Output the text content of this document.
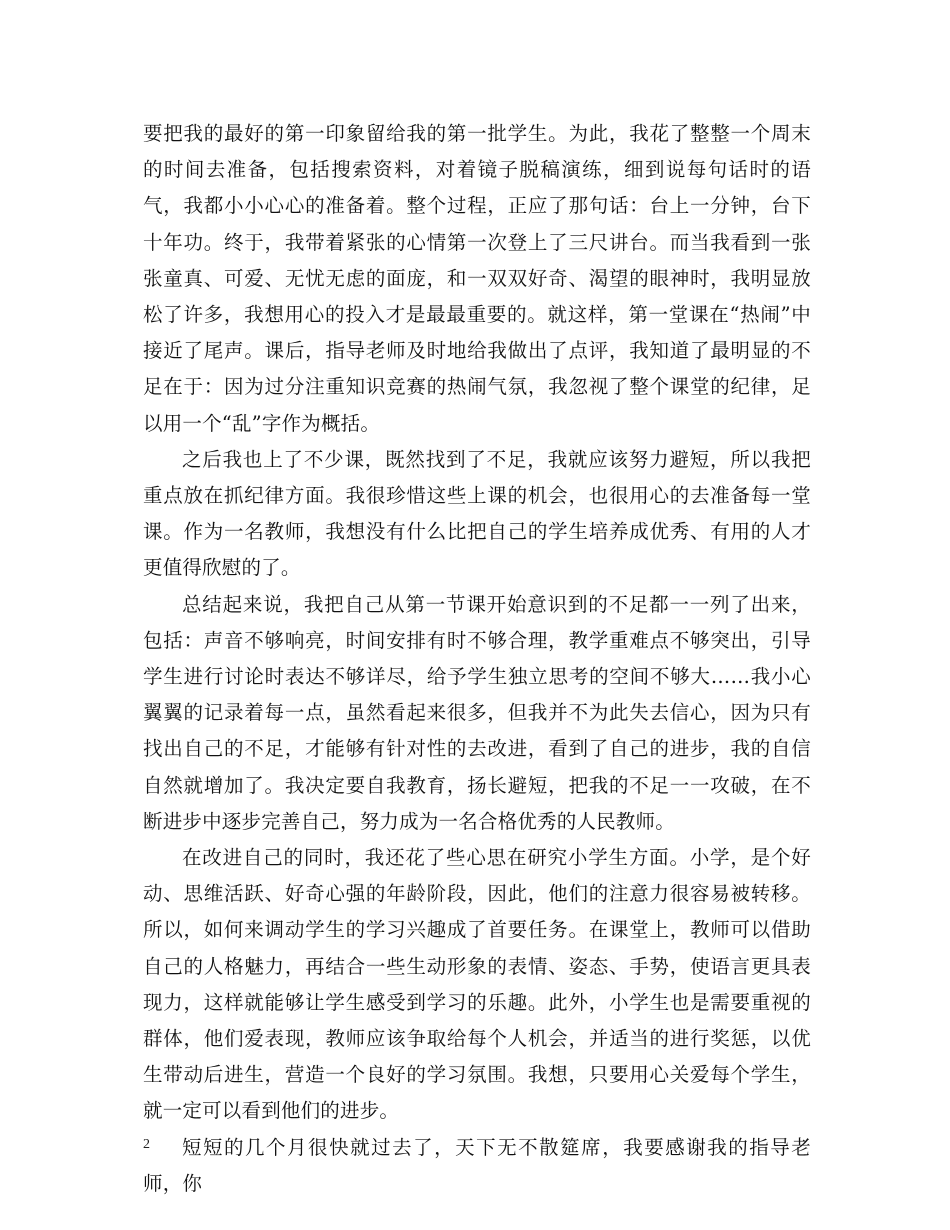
要把我的最好的第一印象留给我的第一批学生。为此，我花了整整一个周末的时间去准备，包括搜索资料，对着镜子脱稿演练，细到说每句话时的语气，我都小小心心的准备着。整个过程，正应了那句话：台上一分钟，台下十年功。终于，我带着紧张的心情第一次登上了三尺讲台。而当我看到一张张童真、可爱、无忧无虑的面庞，和一双双好奇、渴望的眼神时，我明显放松了许多，我想用心的投入才是最最重要的。就这样，第一堂课在“热闹”中接近了尾声。课后，指导老师及时地给我做出了点评，我知道了最明显的不足在于：因为过分注重知识竞赛的热闹气氛，我忽视了整个课堂的纪律，足以用一个“乱”字作为概括。

之后我也上了不少课，既然找到了不足，我就应该努力避短，所以我把重点放在抓纪律方面。我很珍惜这些上课的机会，也很用心的去准备每一堂课。作为一名教师，我想没有什么比把自己的学生培养成优秀、有用的人才更值得欣慰的了。

总结起来说，我把自己从第一节课开始意识到的不足都一一列了出来，包括：声音不够响亮，时间安排有时不够合理，教学重难点不够突出，引导学生进行讨论时表达不够详尽，给予学生独立思考的空间不够大……我小心翼翼的记录着每一点，虽然看起来很多，但我并不为此失去信心，因为只有找出自己的不足，才能够有针对性的去改进，看到了自己的进步，我的自信自然就增加了。我决定要自我教育，扬长避短，把我的不足一一攻破，在不断进步中逐步完善自己，努力成为一名合格优秀的人民教师。

在改进自己的同时，我还花了些心思在研究小学生方面。小学，是个好动、思维活跃、好奇心强的年龄阶段，因此，他们的注意力很容易被转移。所以，如何来调动学生的学习兴趣成了首要任务。在课堂上，教师可以借助自己的人格魅力，再结合一些生动形象的表情、姿态、手势，使语言更具表现力，这样就能够让学生感受到学习的乐趣。此外，小学生也是需要重视的群体，他们爱表现，教师应该争取给每个人机会，并适当的进行奖惩，以优生带动后进生，营造一个良好的学习氛围。我想，只要用心关爱每个学生，就一定可以看到他们的进步。

短短的几个月很快就过去了，天下无不散筵席，我要感谢我的指导老师，你

2
